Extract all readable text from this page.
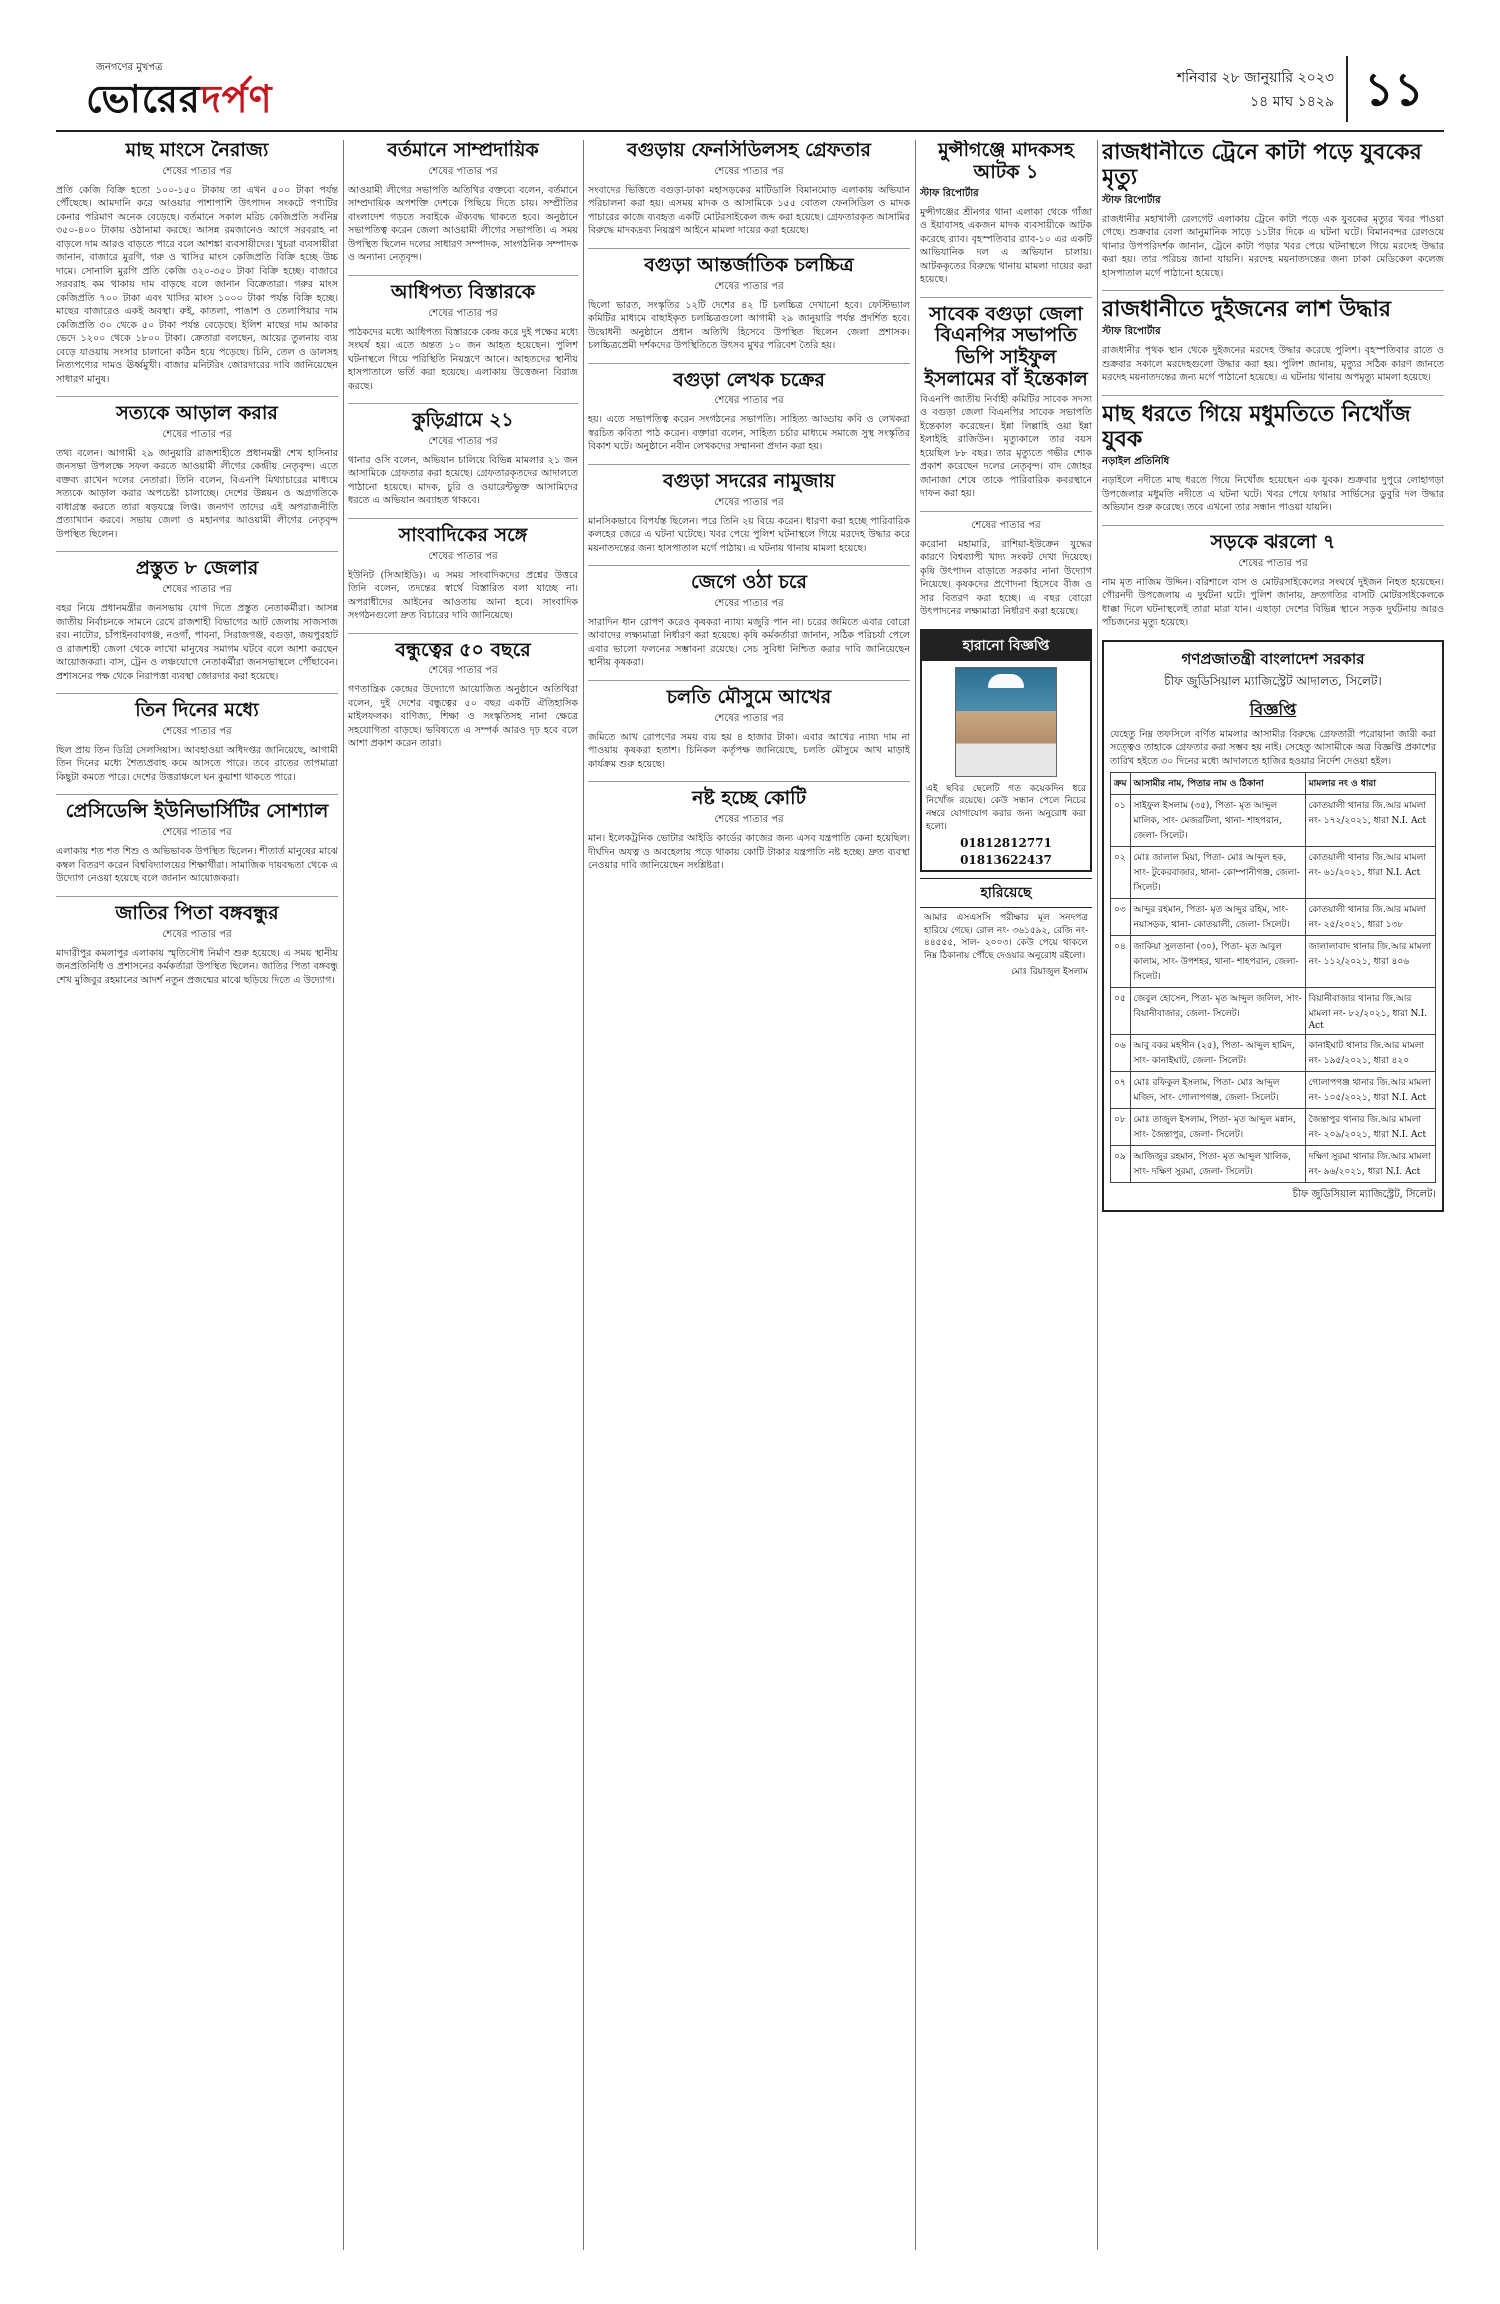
জনগণের মুখপত্র
ভোরেরদর্পণ	শনিবার ২৮ জানুয়ারি ২০২৩
১৪ মাঘ ১৪২৯ ১১
মাছ মাংসে নৈরাজ্য
শেষের পাতার পর
প্রতি কেজি বিক্রি হতো ১০০-১৫০ টাকায় তা এখন ৫০০ টাকা পর্যন্ত পৌঁছেছে। আমদানি করে আওয়ার পাশাপাশি উৎপাদন সংকটে পণ্যটির কেনার পরিমাণ অনেক বেড়েছে। বর্তমানে সকাল মরিচ কেজিপ্রতি সর্বনিম্ন ৩৫০-৪০০ টাকায় ওঠানামা করছে। আসন্ন রমজানেও আগে সরবরাহ না বাড়লে দাম আরও বাড়তে পারে বলে আশঙ্কা ব্যবসায়ীদের। খুচরা ব্যবসায়ীরা জানান, বাজারে মুরগি, গরু ও খাসির মাংস কেজিপ্রতি বিক্রি হচ্ছে উচ্চ দামে। সোনালি মুরগি প্রতি কেজি ৩২০-৩৫০ টাকা বিক্রি হচ্ছে। বাজারে সরবরাহ কম থাকায় দাম বাড়ছে বলে জানান বিক্রেতারা। গরুর মাংস কেজিপ্রতি ৭০০ টাকা এবং খাসির মাংস ১০০০ টাকা পর্যন্ত বিক্রি হচ্ছে। মাছের বাজারেও একই অবস্থা। রুই, কাতলা, পাঙাশ ও তেলাপিয়ার দাম কেজিপ্রতি ৩০ থেকে ৫০ টাকা পর্যন্ত বেড়েছে। ইলিশ মাছের দাম আকার ভেদে ১২০০ থেকে ১৮০০ টাকা। ক্রেতারা বলছেন, আয়ের তুলনায় ব্যয় বেড়ে যাওয়ায় সংসার চালানো কঠিন হয়ে পড়েছে। চিনি, তেল ও ডালসহ নিত্যপণ্যের দামও ঊর্ধ্বমুখী। বাজার মনিটরিং জোরদারের দাবি জানিয়েছেন সাধারণ মানুষ।
সত্যকে আড়াল করার
শেষের পাতার পর
তথ্য বলেন। আগামী ২৯ জানুয়ারি রাজশাহীতে প্রধানমন্ত্রী শেখ হাসিনার জনসভা উপলক্ষে সফল করতে আওয়ামী লীগের কেন্দ্রীয় নেতৃবৃন্দ। এতে বক্তব্য রাখেন দলের নেতারা। তিনি বলেন, বিএনপি মিথ্যাচারের মাধ্যমে সত্যকে আড়াল করার অপচেষ্টা চালাচ্ছে। দেশের উন্নয়ন ও অগ্রগতিকে বাধাগ্রস্ত করতে তারা ষড়যন্ত্রে লিপ্ত। জনগণ তাদের এই অপরাজনীতি প্রত্যাখ্যান করবে। সভায় জেলা ও মহানগর আওয়ামী লীগের নেতৃবৃন্দ উপস্থিত ছিলেন।
প্রস্তুত ৮ জেলার
শেষের পাতার পর
বহর নিয়ে প্রধানমন্ত্রীর জনসভায় যোগ দিতে প্রস্তুত নেতাকর্মীরা। আসন্ন জাতীয় নির্বাচনকে সামনে রেখে রাজশাহী বিভাগের আট জেলায় সাজসাজ রব। নাটোর, চাঁপাইনবাবগঞ্জ, নওগাঁ, পাবনা, সিরাজগঞ্জ, বগুড়া, জয়পুরহাট ও রাজশাহী জেলা থেকে লাখো মানুষের সমাগম ঘটবে বলে আশা করছেন আয়োজকরা। বাস, ট্রেন ও লঞ্চযোগে নেতাকর্মীরা জনসভাস্থলে পৌঁছাবেন। প্রশাসনের পক্ষ থেকে নিরাপত্তা ব্যবস্থা জোরদার করা হয়েছে।
তিন দিনের মধ্যে
শেষের পাতার পর
ছিল প্রায় তিন ডিগ্রি সেলসিয়াস। আবহাওয়া অধিদপ্তর জানিয়েছে, আগামী তিন দিনের মধ্যে শৈত্যপ্রবাহ কমে আসতে পারে। তবে রাতের তাপমাত্রা কিছুটা কমতে পারে। দেশের উত্তরাঞ্চলে ঘন কুয়াশা থাকতে পারে।
প্রেসিডেন্সি ইউনিভার্সিটির সোশ্যাল
শেষের পাতার পর
এলাকায় শত শত শিশু ও অভিভাবক উপস্থিত ছিলেন। শীতার্ত মানুষের মাঝে কম্বল বিতরণ করেন বিশ্ববিদ্যালয়ের শিক্ষার্থীরা। সামাজিক দায়বদ্ধতা থেকে এ উদ্যোগ নেওয়া হয়েছে বলে জানান আয়োজকরা।
জাতির পিতা বঙ্গবন্ধুর
শেষের পাতার পর
মাদারীপুর কমলাপুর এলাকায় স্মৃতিসৌধ নির্মাণ শুরু হয়েছে। এ সময় স্থানীয় জনপ্রতিনিধি ও প্রশাসনের কর্মকর্তারা উপস্থিত ছিলেন। জাতির পিতা বঙ্গবন্ধু শেখ মুজিবুর রহমানের আদর্শ নতুন প্রজন্মের মাঝে ছড়িয়ে দিতে এ উদ্যোগ।
বর্তমানে সাম্প্রদায়িক
শেষের পাতার পর
আওয়ামী লীগের সভাপতি অতিথির বক্তব্যে বলেন, বর্তমানে সাম্প্রদায়িক অপশক্তি দেশকে পিছিয়ে দিতে চায়। সম্প্রীতির বাংলাদেশ গড়তে সবাইকে ঐক্যবদ্ধ থাকতে হবে। অনুষ্ঠানে সভাপতিত্ব করেন জেলা আওয়ামী লীগের সভাপতি। এ সময় উপস্থিত ছিলেন দলের সাধারণ সম্পাদক, সাংগঠনিক সম্পাদক ও অন্যান্য নেতৃবৃন্দ।
আধিপত্য বিস্তারকে
শেষের পাতার পর
পাঠকদের মধ্যে আধিপত্য বিস্তারকে কেন্দ্র করে দুই পক্ষের মধ্যে সংঘর্ষ হয়। এতে অন্তত ১০ জন আহত হয়েছেন। পুলিশ ঘটনাস্থলে গিয়ে পরিস্থিতি নিয়ন্ত্রণে আনে। আহতদের স্থানীয় হাসপাতালে ভর্তি করা হয়েছে। এলাকায় উত্তেজনা বিরাজ করছে।
কুড়িগ্রামে ২১
শেষের পাতার পর
থানার ওসি বলেন, অভিযান চালিয়ে বিভিন্ন মামলার ২১ জন আসামিকে গ্রেফতার করা হয়েছে। গ্রেফতারকৃতদের আদালতে পাঠানো হয়েছে। মাদক, চুরি ও ওয়ারেন্টভুক্ত আসামিদের ধরতে এ অভিযান অব্যাহত থাকবে।
সাংবাদিকের সঙ্গে
শেষের পাতার পর
ইউনিট (সিআইডি)। এ সময় সাংবাদিকদের প্রশ্নের উত্তরে তিনি বলেন, তদন্তের স্বার্থে বিস্তারিত বলা যাচ্ছে না। অপরাধীদের আইনের আওতায় আনা হবে। সাংবাদিক সংগঠনগুলো দ্রুত বিচারের দাবি জানিয়েছে।
বন্ধুত্বের ৫০ বছরে
শেষের পাতার পর
গণতান্ত্রিক কেন্দ্রের উদ্যোগে আয়োজিত অনুষ্ঠানে অতিথিরা বলেন, দুই দেশের বন্ধুত্বের ৫০ বছর একটি ঐতিহাসিক মাইলফলক। বাণিজ্য, শিক্ষা ও সংস্কৃতিসহ নানা ক্ষেত্রে সহযোগিতা বাড়ছে। ভবিষ্যতে এ সম্পর্ক আরও দৃঢ় হবে বলে আশা প্রকাশ করেন তারা।
বগুড়ায় ফেনসিডিলসহ গ্রেফতার
শেষের পাতার পর
সংবাদের ভিত্তিতে বগুড়া-ঢাকা মহাসড়কের মাটিডালি বিমানমোড় এলাকায় অভিযান পরিচালনা করা হয়। এসময় মাদক ও আসামিকে ১৫৫ বোতল ফেনসিডিল ও মাদক পাচারের কাজে ব্যবহৃত একটি মোটরসাইকেল জব্দ করা হয়েছে। গ্রেফতারকৃত আসামির বিরুদ্ধে মাদকদ্রব্য নিয়ন্ত্রণ আইনে মামলা দায়ের করা হয়েছে।
বগুড়া আন্তর্জাতিক চলচ্চিত্র
শেষের পাতার পর
ছিলো ভারত, সংস্কৃতির ১২টি দেশের ৪২ টি চলচ্চিত্র দেখানো হবে। ফেস্টিভ্যাল কমিটির মাধ্যমে বাছাইকৃত চলচ্চিত্রগুলো আগামী ২৯ জানুয়ারি পর্যন্ত প্রদর্শিত হবে। উদ্বোধনী অনুষ্ঠানে প্রধান অতিথি হিসেবে উপস্থিত ছিলেন জেলা প্রশাসক। চলচ্চিত্রপ্রেমী দর্শকদের উপস্থিতিতে উৎসব মুখর পরিবেশ তৈরি হয়।
বগুড়া লেখক চক্রের
শেষের পাতার পর
হয়। এতে সভাপতিত্ব করেন সংগঠনের সভাপতি। সাহিত্য আড্ডায় কবি ও লেখকরা স্বরচিত কবিতা পাঠ করেন। বক্তারা বলেন, সাহিত্য চর্চার মাধ্যমে সমাজে সুস্থ সংস্কৃতির বিকাশ ঘটে। অনুষ্ঠানে নবীন লেখকদের সম্মাননা প্রদান করা হয়।
বগুড়া সদরের নামুজায়
শেষের পাতার পর
মানসিকভাবে বিপর্যস্ত ছিলেন। পরে তিনি ২য় বিয়ে করেন। ধারণা করা হচ্ছে পারিবারিক কলহের জেরে এ ঘটনা ঘটেছে। খবর পেয়ে পুলিশ ঘটনাস্থলে গিয়ে মরদেহ উদ্ধার করে ময়নাতদন্তের জন্য হাসপাতাল মর্গে পাঠায়। এ ঘটনায় থানায় মামলা হয়েছে।
জেগে ওঠা চরে
শেষের পাতার পর
সারাদিন ধান রোপণ করেও কৃষকরা ন্যায্য মজুরি পান না। চরের জমিতে এবার বোরো আবাদের লক্ষ্যমাত্রা নির্ধারণ করা হয়েছে। কৃষি কর্মকর্তারা জানান, সঠিক পরিচর্যা পেলে এবার ভালো ফলনের সম্ভাবনা রয়েছে। সেচ সুবিধা নিশ্চিত করার দাবি জানিয়েছেন স্থানীয় কৃষকরা।
চলতি মৌসুমে আখের
শেষের পাতার পর
জমিতে আখ রোপণের সময় ব্যয় হয় ৪ হাজার টাকা। এবার আখের ন্যায্য দাম না পাওয়ায় কৃষকরা হতাশ। চিনিকল কর্তৃপক্ষ জানিয়েছে, চলতি মৌসুমে আখ মাড়াই কার্যক্রম শুরু হয়েছে।
নষ্ট হচ্ছে কোটি
শেষের পাতার পর
মান। ইলেকট্রনিক ভোটার আইডি কার্ডের কাজের জন্য এসব যন্ত্রপাতি কেনা হয়েছিল। দীর্ঘদিন অযত্ন ও অবহেলায় পড়ে থাকায় কোটি টাকার যন্ত্রপাতি নষ্ট হচ্ছে। দ্রুত ব্যবস্থা নেওয়ার দাবি জানিয়েছেন সংশ্লিষ্টরা।
মুন্সীগঞ্জে মাদকসহ আটক ১
স্টাফ রিপোর্টার
মুন্সীগঞ্জের শ্রীনগর থানা এলাকা থেকে গাঁজা ও ইয়াবাসহ একজন মাদক ব্যবসায়ীকে আটক করেছে র‍্যাব। বৃহস্পতিবার র‍্যাব-১০ এর একটি আভিযানিক দল এ অভিযান চালায়। আটককৃতের বিরুদ্ধে থানায় মামলা দায়ের করা হয়েছে।
সাবেক বগুড়া জেলা বিএনপির সভাপতি ভিপি সাইফুল ইসলামের বাঁ ইন্তেকাল
বিএনপি জাতীয় নির্বাহী কমিটির সাবেক সদস্য ও বগুড়া জেলা বিএনপির সাবেক সভাপতি ইন্তেকাল করেছেন। ইন্না লিল্লাহি ওয়া ইন্না ইলাইহি রাজিউন। মৃত্যুকালে তার বয়স হয়েছিল ৮৮ বছর। তার মৃত্যুতে গভীর শোক প্রকাশ করেছেন দলের নেতৃবৃন্দ। বাদ জোহর জানাজা শেষে তাকে পারিবারিক কবরস্থানে দাফন করা হয়।
শেষের পাতার পর
করোনা মহামারি, রাশিয়া-ইউক্রেন যুদ্ধের কারণে বিশ্বব্যাপী খাদ্য সংকট দেখা দিয়েছে। কৃষি উৎপাদন বাড়াতে সরকার নানা উদ্যোগ নিয়েছে। কৃষকদের প্রণোদনা হিসেবে বীজ ও সার বিতরণ করা হচ্ছে। এ বছর বোরো উৎপাদনের লক্ষ্যমাত্রা নির্ধারণ করা হয়েছে।
হারানো বিজ্ঞপ্তি
এই ছবির ছেলেটি গত কয়েকদিন ধরে নিখোঁজ রয়েছে। কেউ সন্ধান পেলে নিচের নম্বরে যোগাযোগ করার জন্য অনুরোধ করা হলো।
01812812771
01813622437
হারিয়েছে
আমার এসএসসি পরীক্ষার মূল সনদপত্র হারিয়ে গেছে। রোল নং- ৩৬১৫৯২, রেজি নং- ৪৪৫৫৫, সাল- ২০০৩। কেউ পেয়ে থাকলে নিম্ন ঠিকানায় পৌঁছে দেওয়ার অনুরোধ রইলো।
মোঃ রিয়াজুল ইসলাম
রাজধানীতে ট্রেনে কাটা পড়ে যুবকের মৃত্যু
স্টাফ রিপোর্টার
রাজধানীর মহাখালী রেলগেট এলাকায় ট্রেনে কাটা পড়ে এক যুবকের মৃত্যুর খবর পাওয়া গেছে। শুক্রবার বেলা আনুমানিক সাড়ে ১১টার দিকে এ ঘটনা ঘটে। বিমানবন্দর রেলওয়ে থানার উপপরিদর্শক জানান, ট্রেনে কাটা পড়ার খবর পেয়ে ঘটনাস্থলে গিয়ে মরদেহ উদ্ধার করা হয়। তার পরিচয় জানা যায়নি। মরদেহ ময়নাতদন্তের জন্য ঢাকা মেডিকেল কলেজ হাসপাতাল মর্গে পাঠানো হয়েছে।
রাজধানীতে দুইজনের লাশ উদ্ধার
স্টাফ রিপোর্টার
রাজধানীর পৃথক স্থান থেকে দুইজনের মরদেহ উদ্ধার করেছে পুলিশ। বৃহস্পতিবার রাতে ও শুক্রবার সকালে মরদেহগুলো উদ্ধার করা হয়। পুলিশ জানায়, মৃত্যুর সঠিক কারণ জানতে মরদেহ ময়নাতদন্তের জন্য মর্গে পাঠানো হয়েছে। এ ঘটনায় থানায় অপমৃত্যু মামলা হয়েছে।
মাছ ধরতে গিয়ে মধুমতিতে নিখোঁজ যুবক
নড়াইল প্রতিনিধি
নড়াইলে নদীতে মাছ ধরতে গিয়ে নিখোঁজ হয়েছেন এক যুবক। শুক্রবার দুপুরে লোহাগড়া উপজেলার মধুমতি নদীতে এ ঘটনা ঘটে। খবর পেয়ে ফায়ার সার্ভিসের ডুবুরি দল উদ্ধার অভিযান শুরু করেছে। তবে এখনো তার সন্ধান পাওয়া যায়নি।
সড়কে ঝরলো ৭
শেষের পাতার পর
নাম মৃত নাজিম উদ্দিন। বরিশালে বাস ও মোটরসাইকেলের সংঘর্ষে দুইজন নিহত হয়েছেন। গৌরনদী উপজেলায় এ দুর্ঘটনা ঘটে। পুলিশ জানায়, দ্রুতগতির বাসটি মোটরসাইকেলকে ধাক্কা দিলে ঘটনাস্থলেই তারা মারা যান। এছাড়া দেশের বিভিন্ন স্থানে সড়ক দুর্ঘটনায় আরও পাঁচজনের মৃত্যু হয়েছে।
গণপ্রজাতন্ত্রী বাংলাদেশ সরকার
চীফ জুডিসিয়াল ম্যাজিস্ট্রেট আদালত, সিলেট।
বিজ্ঞপ্তি
যেহেতু নিম্ন তফসিলে বর্ণিত মামলার আসামীর বিরুদ্ধে গ্রেফতারী পরোয়ানা জারী করা সত্ত্বেও তাহাকে গ্রেফতার করা সম্ভব হয় নাই। সেহেতু আসামীকে অত্র বিজ্ঞপ্তি প্রকাশের তারিখ হইতে ৩০ দিনের মধ্যে আদালতে হাজির হওয়ার নির্দেশ দেওয়া হইল।
ক্রম	আসামীর নাম, পিতার নাম ও ঠিকানা	মামলার নং ও ধারা
০১	সাইফুল ইসলাম (৩৫), পিতা- মৃত আব্দুল মালিক, সাং- মেজরটিলা, থানা- শাহপরান, জেলা- সিলেট।	কোতয়ালী থানার জি.আর মামলা নং- ১৭২/২০২১, ধারা N.I. Act
০২	মোঃ জালাল মিয়া, পিতা- মোঃ আব্দুল হক, সাং- টুকেরবাজার, থানা- কোম্পানীগঞ্জ, জেলা- সিলেট।	কোতয়ালী থানার জি.আর মামলা নং- ৬১/২০২১, ধারা N.I. Act
০৩	আব্দুর রহমান, পিতা- মৃত আব্দুর রহিম, সাং- নয়াসড়ক, থানা- কোতয়ালী, জেলা- সিলেট।	কোতয়ালী থানার জি.আর মামলা নং- ২৫/২০২১, ধারা ১৩৮
০৪	জাকিয়া সুলতানা (৩০), পিতা- মৃত আবুল কালাম, সাং- উপশহর, থানা- শাহপরান, জেলা- সিলেট।	জালালাবাদ থানার জি.আর মামলা নং- ১১২/২০২১, ধারা ৪০৬
০৫	জেবুল হোসেন, পিতা- মৃত আব্দুল জলিল, সাং- বিয়ানীবাজার, জেলা- সিলেট।	বিয়ানীবাজার থানার জি.আর মামলা নং- ৮২/২০২১, ধারা N.I. Act
০৬	আবু বকর মহসীন (২৫), পিতা- আব্দুল হামিদ, সাং- কানাইঘাট, জেলা- সিলেট।	কানাইঘাট থানার জি.আর মামলা নং- ১৯৫/২০২১, ধারা ৪২০
০৭	মোঃ রফিকুল ইসলাম, পিতা- মোঃ আব্দুল মজিদ, সাং- গোলাপগঞ্জ, জেলা- সিলেট।	গোলাপগঞ্জ থানার জি.আর মামলা নং- ১০৫/২০২১, ধারা N.I. Act
০৮	মোঃ তাজুল ইসলাম, পিতা- মৃত আব্দুল মন্নান, সাং- জৈন্তাপুর, জেলা- সিলেট।	জৈন্তাপুর থানার জি.আর মামলা নং- ২০৯/২০২১, ধারা N.I. Act
০৯	আজিজুর রহমান, পিতা- মৃত আব্দুল খালিক, সাং- দক্ষিণ সুরমা, জেলা- সিলেট।	দক্ষিণ সুরমা থানার জি.আর মামলা নং- ৯৬/২০২১, ধারা N.I. Act
চীফ জুডিসিয়াল ম্যাজিস্ট্রেট, সিলেট।
